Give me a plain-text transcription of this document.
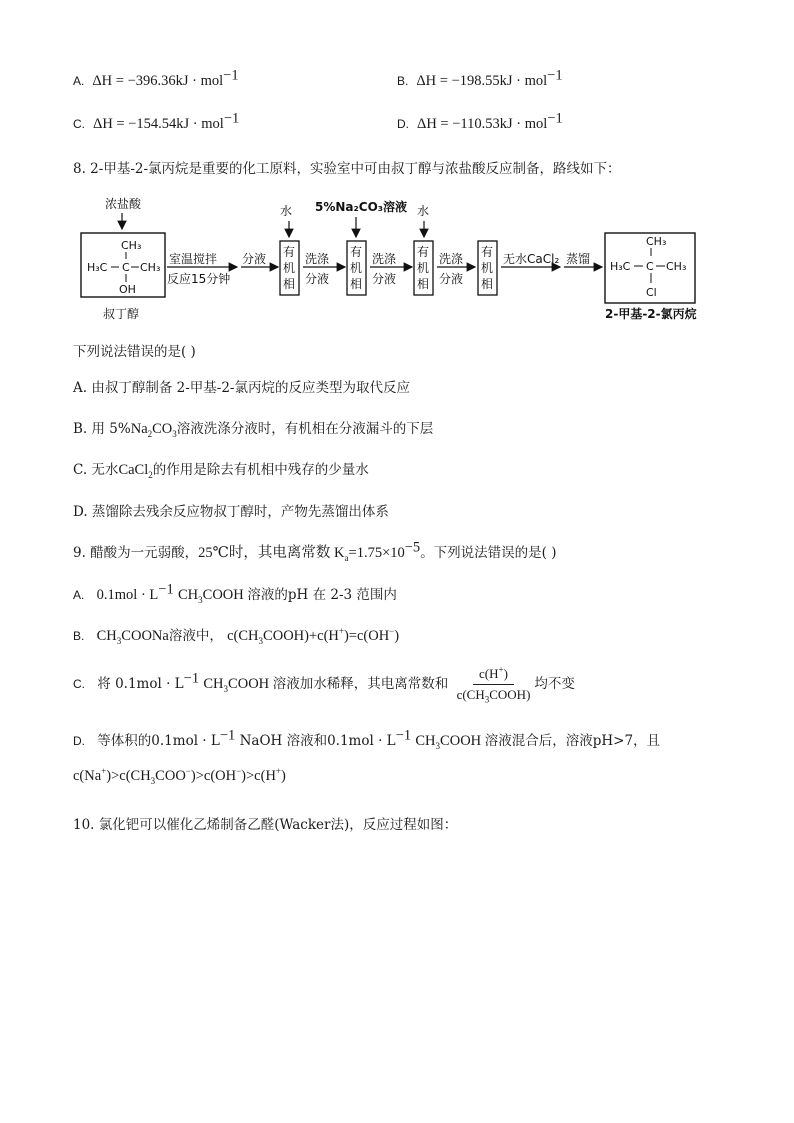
A. ΔH = −396.36kJ · mol$^{-1}$	B. ΔH = −198.55kJ · mol$^{-1}$
C. ΔH = −154.54kJ · mol$^{-1}$	D. ΔH = −110.53kJ · mol$^{-1}$
8. 2-甲基-2-氯丙烷是重要的化工原料，实验室中可由叔丁醇与浓盐酸反应制备，路线如下：
浓盐酸
CH₃
H₃C C CH₃
OH
叔丁醇
室温搅拌
反应15分钟
分液
水
有
机
相
洗涤
分液
5%Na₂CO₃溶液
有
机
相
洗涤
分液
水
有
机
相
洗涤
分液
有
机
相
无水CaCl₂ 蒸馏
CH₃
H₃C C CH₃
Cl
2-甲基-2-氯丙烷
下列说法错误的是( )
A. 由叔丁醇制备 2-甲基-2-氯丙烷的反应类型为取代反应
B. 用 $5\%Na_2CO_3$溶液洗涤分液时，有机相在分液漏斗的下层
C. 无水CaCl$_2$的作用是除去有机相中残存的少量水
D. 蒸馏除去残余反应物叔丁醇时，产物先蒸馏出体系
9. 醋酸为一元弱酸，25℃时，其电离常数 $K_a=1.75\times 10^{-5}$。下列说法错误的是( )
A. $0.1mol \cdot L^{-1}$ $CH_3COOH$ 溶液的pH 在 2-3 范围内
B. $CH_3COONa$溶液中， $c(CH_3COOH)+c(H^+)=c(OH^-)$
C. 将 $0.1mol \cdot L^{-1}$ $CH_3COOH$ 溶液加水稀释，其电离常数和 $\frac{c(H^+)}{c(CH_3COOH)}$ 均不变
D. 等体积的$0.1mol \cdot L^{-1}$ NaOH 溶液和$0.1mol \cdot L^{-1}$ $CH_3COOH$ 溶液混合后，溶液pH>7，且
$c(Na^+)>c(CH_3COO^-)>c(OH^-)>c(H^+)$
10. 氯化钯可以催化乙烯制备乙醛(Wacker法)，反应过程如图：
